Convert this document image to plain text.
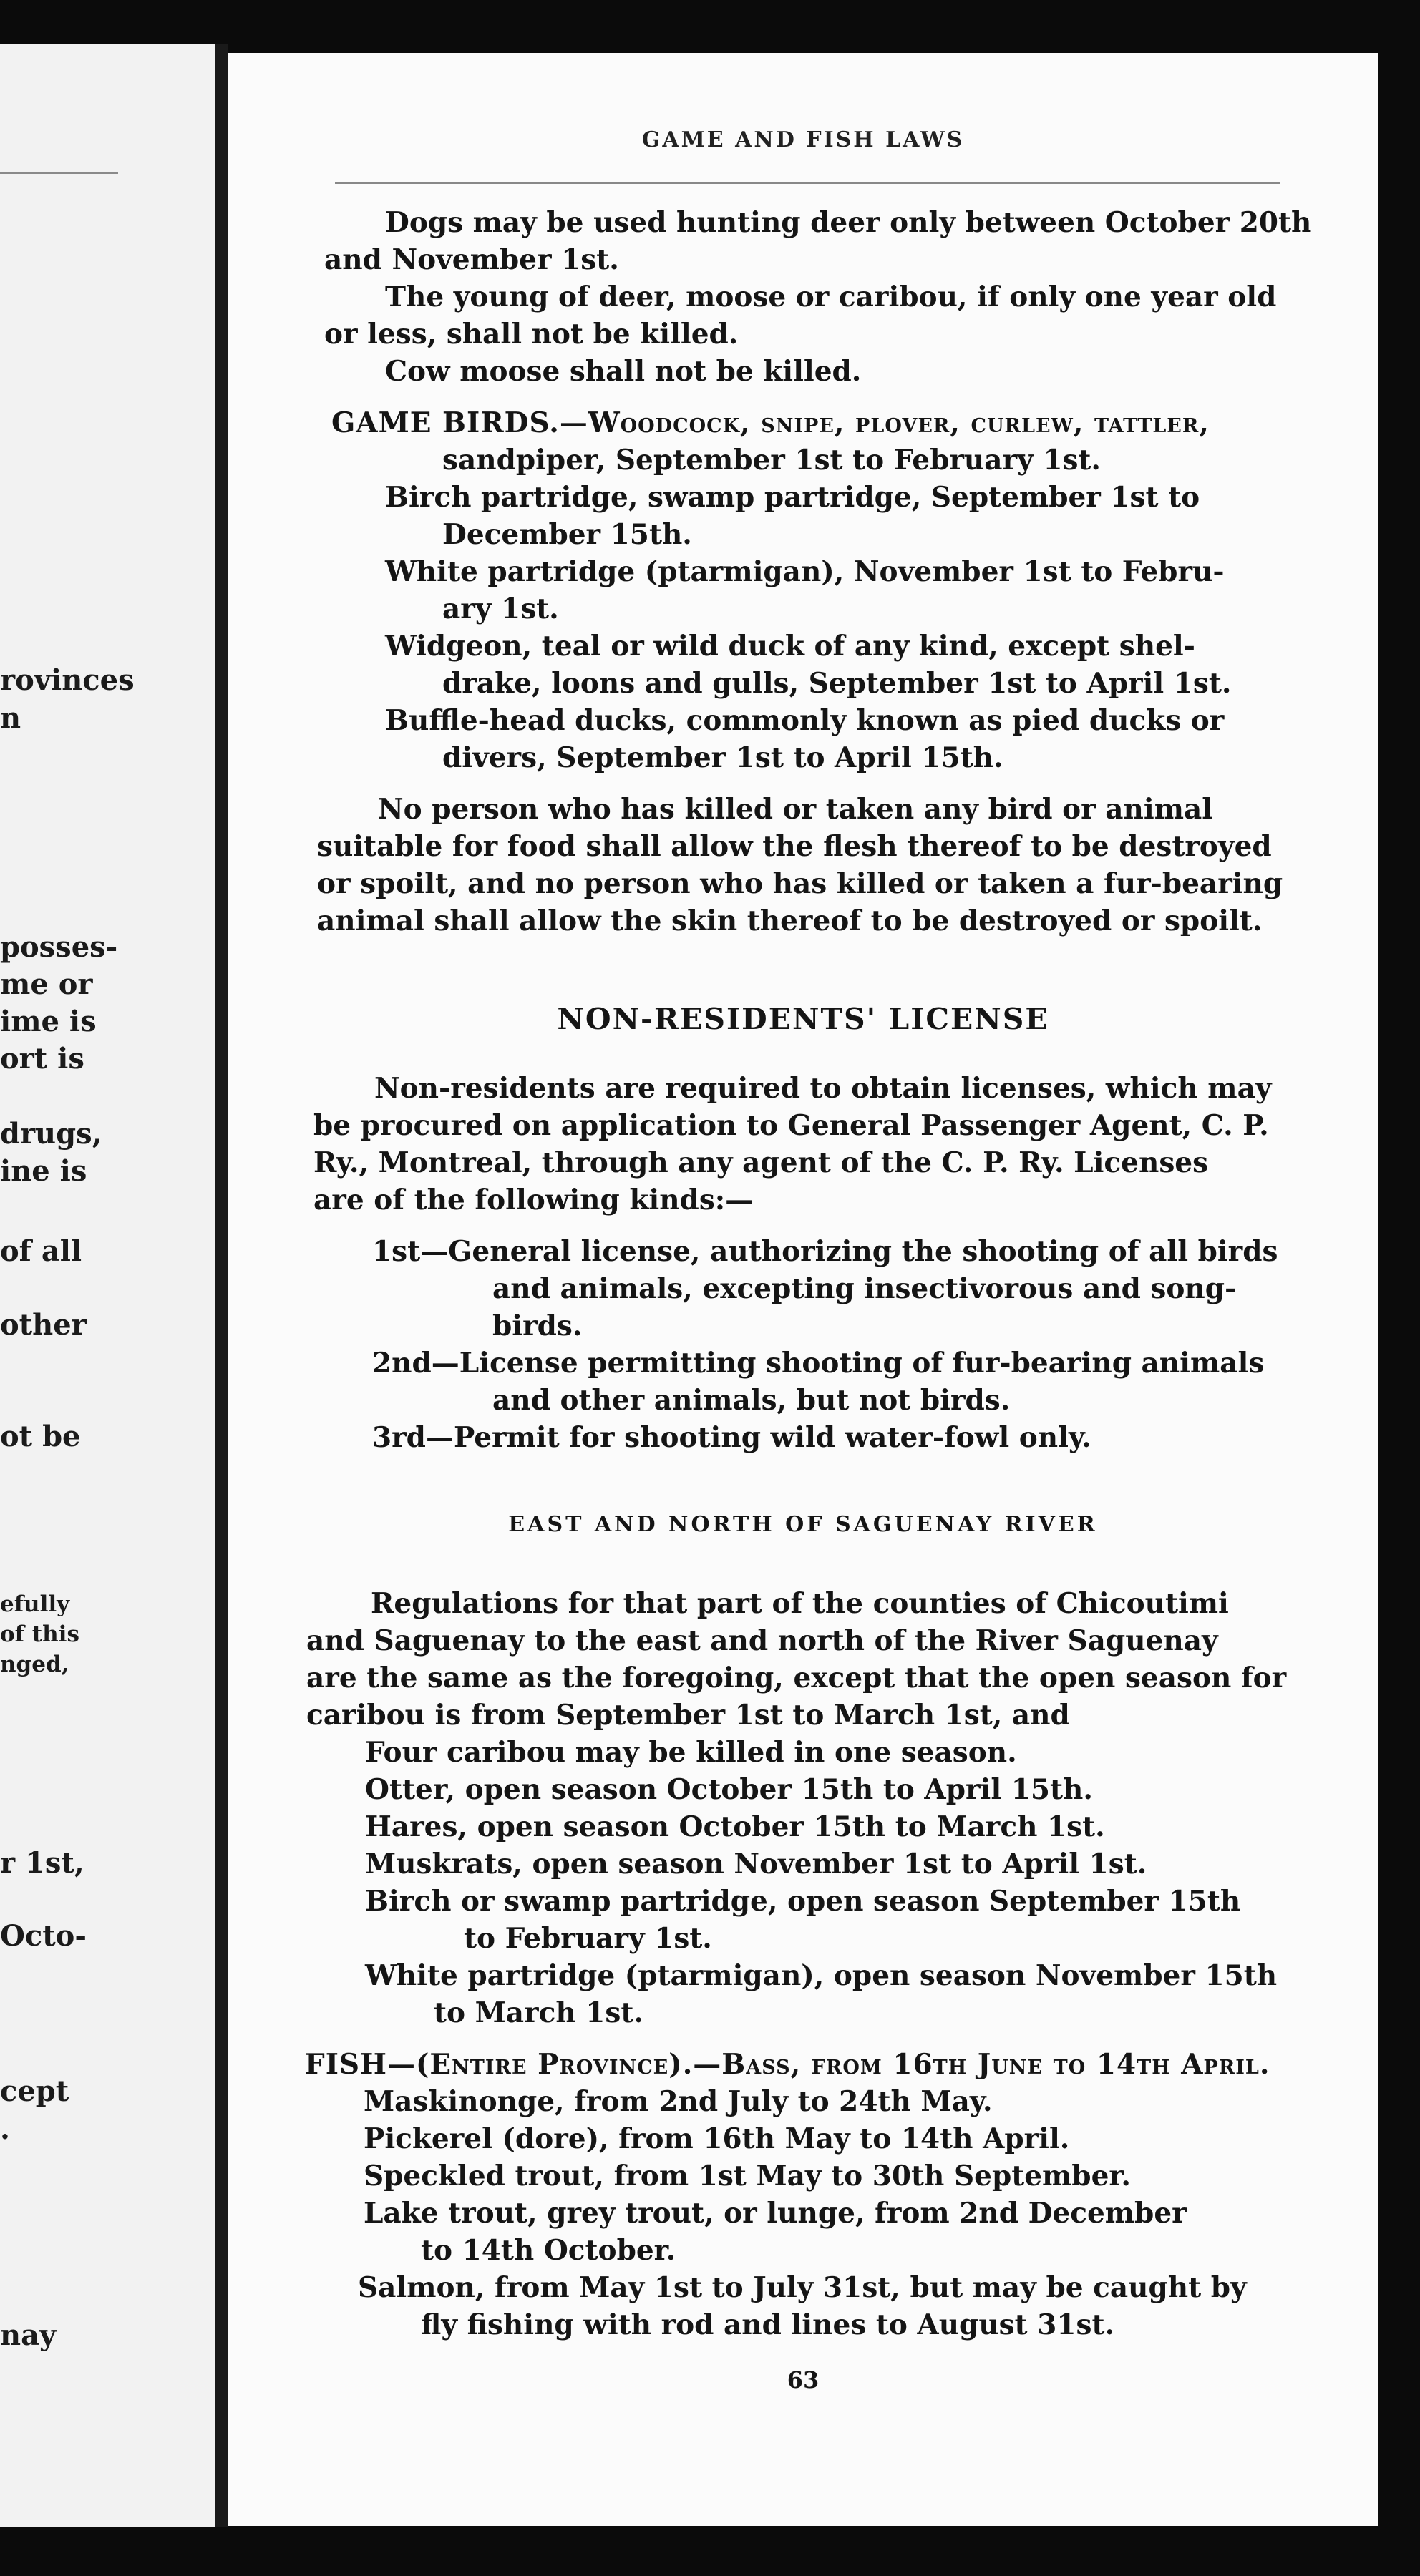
rovinces
n
posses-
me or
ime is
ort is
drugs,
ine is
of all
other
ot be
efully
of this
nged,
r 1st,
Octo-
cept
.
nay
GAME AND FISH LAWS
Dogs may be used hunting deer only between October 20th
and November 1st.
The young of deer, moose or caribou, if only one year old
or less, shall not be killed.
Cow moose shall not be killed.
GAME BIRDS.—Woodcock, snipe, plover, curlew, tattler,
sandpiper, September 1st to February 1st.
Birch partridge, swamp partridge, September 1st to
December 15th.
White partridge (ptarmigan), November 1st to Febru-
ary 1st.
Widgeon, teal or wild duck of any kind, except shel-
drake, loons and gulls, September 1st to April 1st.
Buffle-head ducks, commonly known as pied ducks or
divers, September 1st to April 15th.
No person who has killed or taken any bird or animal
suitable for food shall allow the flesh thereof to be destroyed
or spoilt, and no person who has killed or taken a fur-bearing
animal shall allow the skin thereof to be destroyed or spoilt.
NON-RESIDENTS' LICENSE
Non-residents are required to obtain licenses, which may
be procured on application to General Passenger Agent, C. P.
Ry., Montreal, through any agent of the C. P. Ry. Licenses
are of the following kinds:—
1st—General license, authorizing the shooting of all birds
and animals, excepting insectivorous and song-
birds.
2nd—License permitting shooting of fur-bearing animals
and other animals, but not birds.
3rd—Permit for shooting wild water-fowl only.
EAST AND NORTH OF SAGUENAY RIVER
Regulations for that part of the counties of Chicoutimi
and Saguenay to the east and north of the River Saguenay
are the same as the foregoing, except that the open season for
caribou is from September 1st to March 1st, and
Four caribou may be killed in one season.
Otter, open season October 15th to April 15th.
Hares, open season October 15th to March 1st.
Muskrats, open season November 1st to April 1st.
Birch or swamp partridge, open season September 15th
to February 1st.
White partridge (ptarmigan), open season November 15th
to March 1st.
FISH—(Entire Province).—Bass, from 16th June to 14th April.
Maskinonge, from 2nd July to 24th May.
Pickerel (dore), from 16th May to 14th April.
Speckled trout, from 1st May to 30th September.
Lake trout, grey trout, or lunge, from 2nd December
to 14th October.
Salmon, from May 1st to July 31st, but may be caught by
fly fishing with rod and lines to August 31st.
63
